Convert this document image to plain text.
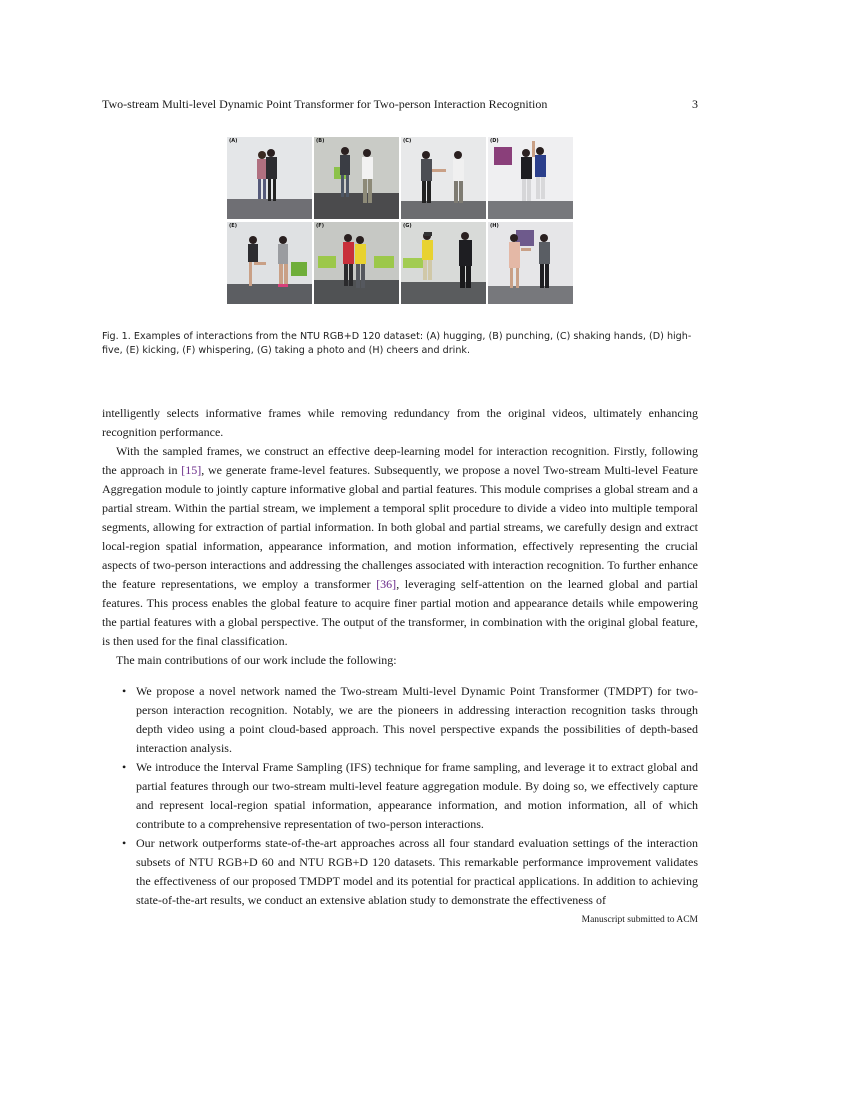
Two-stream Multi-level Dynamic Point Transformer for Two-person Interaction Recognition	3
(A)	(B)	(C)	(D)
(E)	(F)	(G)	(H)
Fig. 1. Examples of interactions from the NTU RGB+D 120 dataset: (A) hugging, (B) punching, (C) shaking hands, (D) high-five, (E) kicking, (F) whispering, (G) taking a photo and (H) cheers and drink.

intelligently selects informative frames while removing redundancy from the original videos, ultimately enhancing recognition performance.

With the sampled frames, we construct an effective deep-learning model for interaction recognition. Firstly, following the approach in [15], we generate frame-level features. Subsequently, we propose a novel Two-stream Multi-level Feature Aggregation module to jointly capture informative global and partial features. This module comprises a global stream and a partial stream. Within the partial stream, we implement a temporal split procedure to divide a video into multiple temporal segments, allowing for extraction of partial information. In both global and partial streams, we carefully design and extract local-region spatial information, appearance information, and motion information, effectively representing the crucial aspects of two-person interactions and addressing the challenges associated with interaction recognition. To further enhance the feature representations, we employ a transformer [36], leveraging self-attention on the learned global and partial features. This process enables the global feature to acquire finer partial motion and appearance details while empowering the partial features with a global perspective. The output of the transformer, in combination with the original global feature, is then used for the final classification.

The main contributions of our work include the following:

• We propose a novel network named the Two-stream Multi-level Dynamic Point Transformer (TMDPT) for two-person interaction recognition. Notably, we are the pioneers in addressing interaction recognition tasks through depth video using a point cloud-based approach. This novel perspective expands the possibilities of depth-based interaction analysis.
• We introduce the Interval Frame Sampling (IFS) technique for frame sampling, and leverage it to extract global and partial features through our two-stream multi-level feature aggregation module. By doing so, we effectively capture and represent local-region spatial information, appearance information, and motion information, all of which contribute to a comprehensive representation of two-person interactions.
• Our network outperforms state-of-the-art approaches across all four standard evaluation settings of the interaction subsets of NTU RGB+D 60 and NTU RGB+D 120 datasets. This remarkable performance improvement validates the effectiveness of our proposed TMDPT model and its potential for practical applications. In addition to achieving state-of-the-art results, we conduct an extensive ablation study to demonstrate the effectiveness of
Manuscript submitted to ACM
